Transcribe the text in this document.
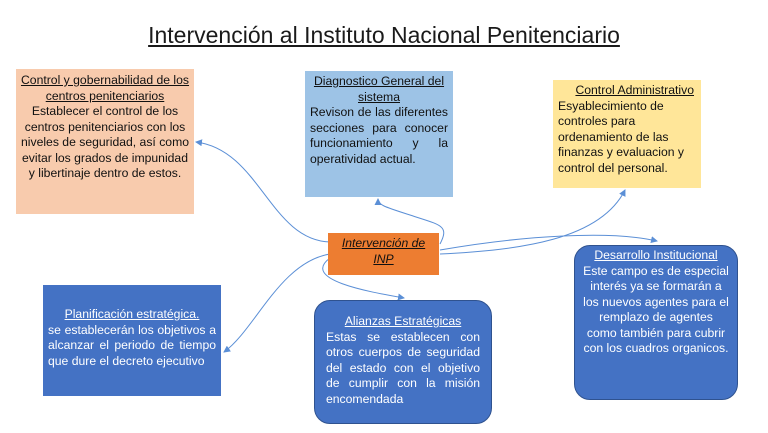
Intervención al Instituto Nacional Penitenciario
Control y gobernabilidad de los centros penitenciarios
Establecer el control de los centros penitenciarios con los niveles de seguridad, así como evitar los grados de impunidad y libertinaje dentro de estos.
Diagnostico General del sistema
Revison de las diferentes secciones para conocer funcionamiento y la operatividad actual.
Control Administrativo
Esyablecimiento de controles para ordenamiento de las finanzas y evaluacion y control del personal.
Intervención de INP
Planificación estratégica.
se establecerán los objetivos a alcanzar el periodo de tiempo que dure el decreto ejecutivo
Alianzas Estratégicas
Estas se establecen con otros cuerpos de seguridad del estado con el objetivo de cumplir con la misión encomendada
Desarrollo Institucional
Este campo es de especial interés ya se formarán a los nuevos agentes para el remplazo de agentes como también para cubrir con los cuadros organicos.
